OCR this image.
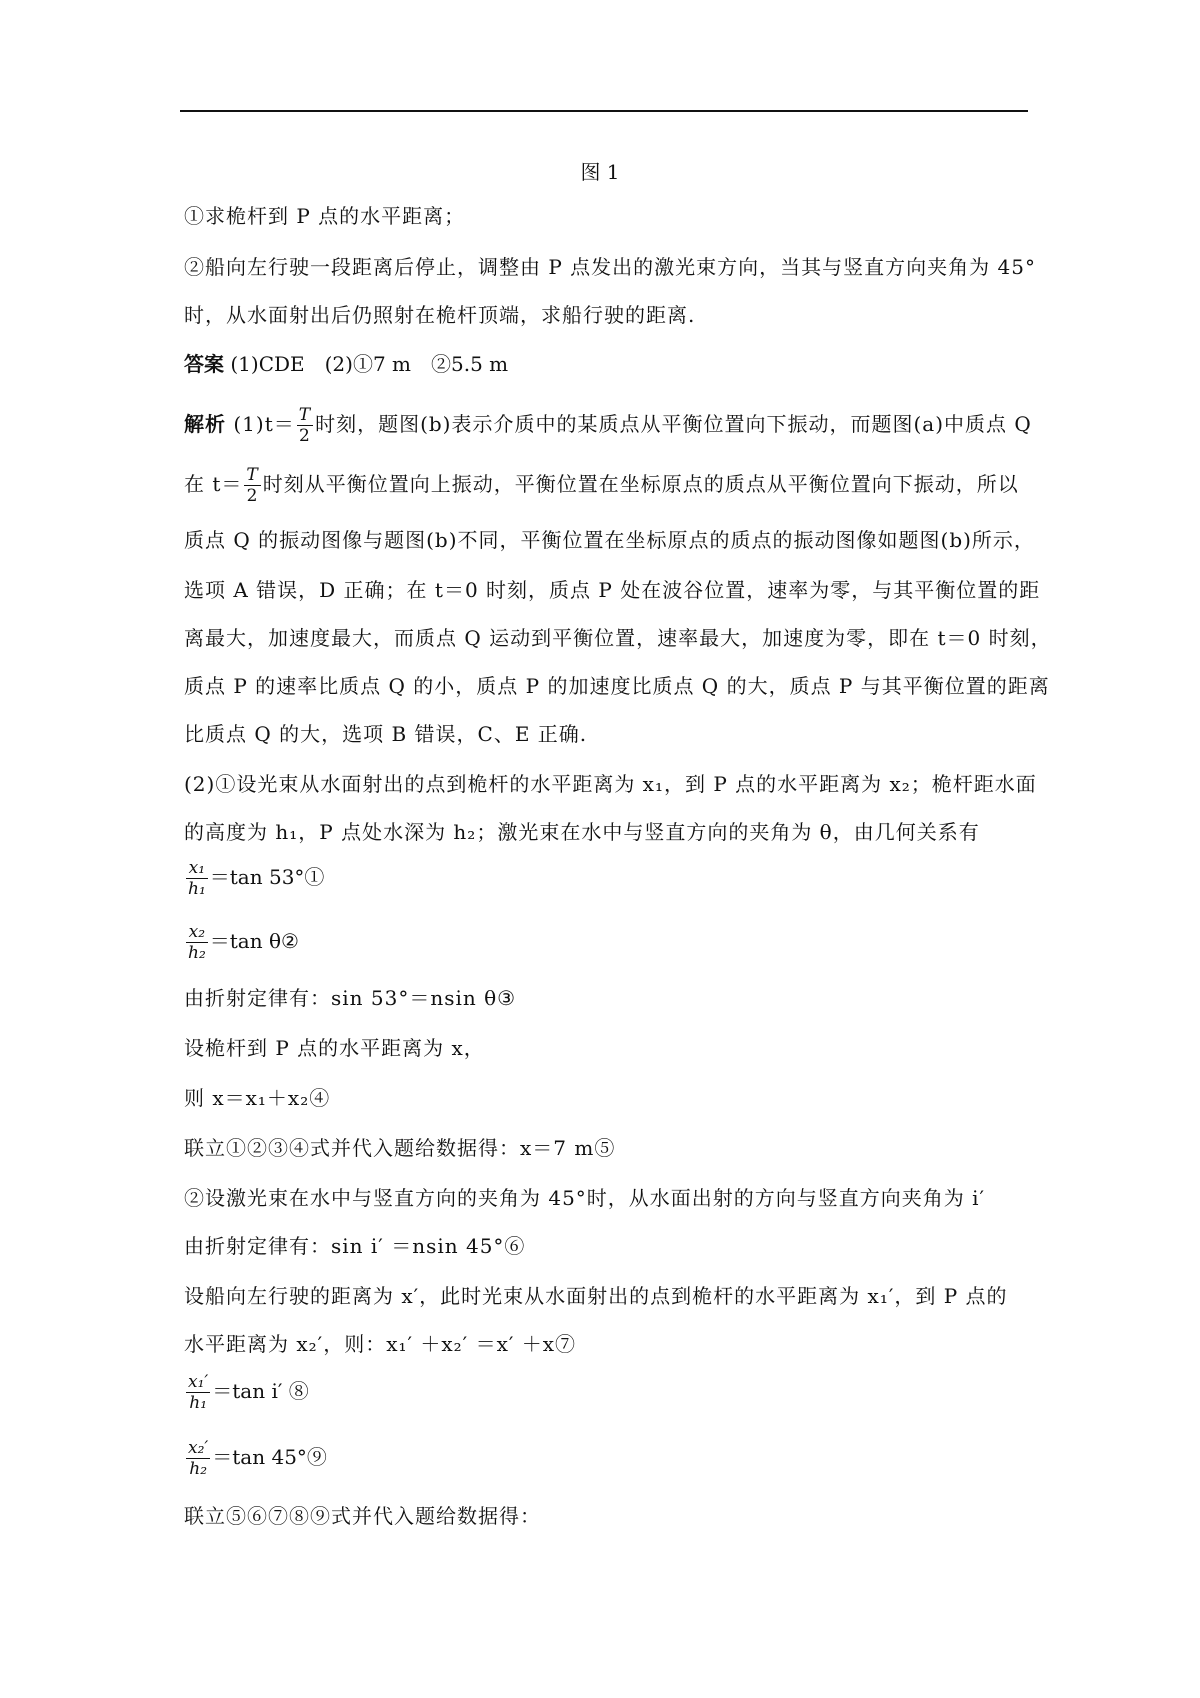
图 1
①求桅杆到 P 点的水平距离；
②船向左行驶一段距离后停止，调整由 P 点发出的激光束方向，当其与竖直方向夹角为 45°
时，从水面射出后仍照射在桅杆顶端，求船行驶的距离.
答案 (1)CDE　(2)①7 m　②5.5 m
解析 $(1)t= \frac{T}{2}$ 时刻，题图(b)表示介质中的某质点从平衡位置向下振动，而题图(a)中质点 Q
在 $t= \frac{T}{2}$ 时刻从平衡位置向上振动，平衡位置在坐标原点的质点从平衡位置向下振动，所以
质点 Q 的振动图像与题图(b)不同，平衡位置在坐标原点的质点的振动图像如题图(b)所示，
选项 A 错误，D 正确；在 t＝0 时刻，质点 P 处在波谷位置，速率为零，与其平衡位置的距
离最大，加速度最大，而质点 Q 运动到平衡位置，速率最大，加速度为零，即在 t＝0 时刻，
质点 P 的速率比质点 Q 的小，质点 P 的加速度比质点 Q 的大，质点 P 与其平衡位置的距离
比质点 Q 的大，选项 B 错误，C、E 正确.
(2)①设光束从水面射出的点到桅杆的水平距离为 x₁，到 P 点的水平距离为 x₂；桅杆距水面
的高度为 h₁，P 点处水深为 h₂；激光束在水中与竖直方向的夹角为 θ，由几何关系有
$\frac{\text{x₁}}{\text{h₁}} =\tan$ 53°①
$\frac{\text{x₂}}{\text{h₂}} =\tan$ θ②
由折射定律有：sin 53°＝nsin θ③
设桅杆到 P 点的水平距离为 x，
则 x＝x₁＋x₂④
联立①②③④式并代入题给数据得：x＝7 m⑤
②设激光束在水中与竖直方向的夹角为 45°时，从水面出射的方向与竖直方向夹角为 i′
由折射定律有：sin i′ ＝nsin 45°⑥
设船向左行驶的距离为 x′，此时光束从水面射出的点到桅杆的水平距离为 x₁′，到 P 点的
水平距离为 x₂′，则：x₁′ ＋x₂′ ＝x′ ＋x⑦
$\frac{\text{x₁′}}{\text{h₁}} =\tan$ i′ ⑧
$\frac{\text{x₂′}}{\text{h₂}} =\tan$ 45°⑨
联立⑤⑥⑦⑧⑨式并代入题给数据得：
